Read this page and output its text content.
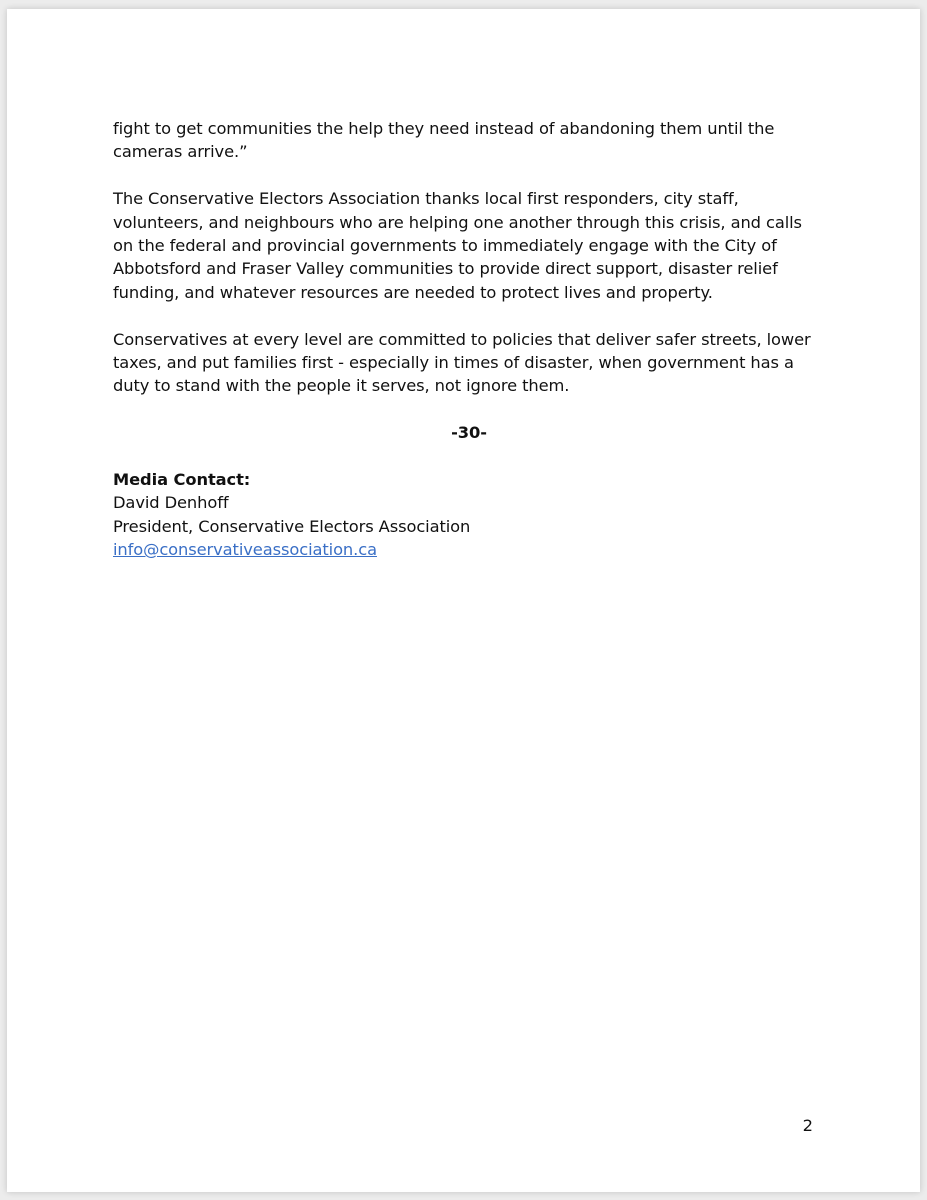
fight to get communities the help they need instead of abandoning them until the cameras arrive.”

The Conservative Electors Association thanks local first responders, city staff, volunteers, and neighbours who are helping one another through this crisis, and calls on the federal and provincial governments to immediately engage with the City of Abbotsford and Fraser Valley communities to provide direct support, disaster relief funding, and whatever resources are needed to protect lives and property.

Conservatives at every level are committed to policies that deliver safer streets, lower taxes, and put families first - especially in times of disaster, when government has a duty to stand with the people it serves, not ignore them.

-30-

Media Contact:

David Denhoff

President, Conservative Electors Association

info@conservativeassociation.ca

2
